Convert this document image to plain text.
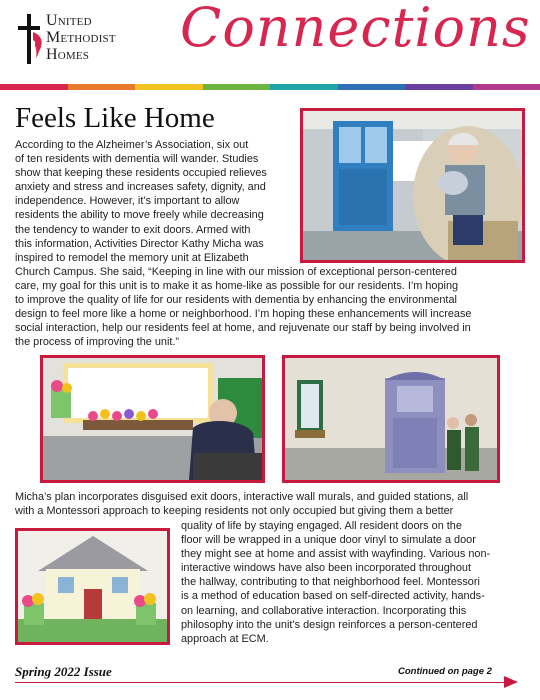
United
Methodist
Homes	Connections
Feels Like Home

According to the Alzheimer’s Association, six out

of ten residents with dementia will wander. Studies

show that keeping these residents occupied relieves

anxiety and stress and increases safety, dignity, and

independence. However, it’s important to allow

residents the ability to move freely while decreasing

the tendency to wander to exit doors. Armed with

this information, Activities Director Kathy Micha was

inspired to remodel the memory unit at Elizabeth

Church Campus. She said, “Keeping in line with our mission of exceptional person-centered

care, my goal for this unit is to make it as home-like as possible for our residents. I’m hoping

to improve the quality of life for our residents with dementia by enhancing the environmental

design to feel more like a home or neighborhood. I’m hoping these enhancements will increase

social interaction, help our residents feel at home, and rejuvenate our staff by being involved in

the process of improving the unit.”

Micha’s plan incorporates disguised exit doors, interactive wall murals, and guided stations, all

with a Montessori approach to keeping residents not only occupied but giving them a better

quality of life by staying engaged. All resident doors on the

floor will be wrapped in a unique door vinyl to simulate a door

they might see at home and assist with wayfinding. Various non-

interactive windows have also been incorporated throughout

the hallway, contributing to that neighborhood feel. Montessori

is a method of education based on self-directed activity, hands-

on learning, and collaborative interaction. Incorporating this

philosophy into the unit’s design reinforces a person-centered

approach at ECM.

Spring 2022 Issue	Continued on page 2
